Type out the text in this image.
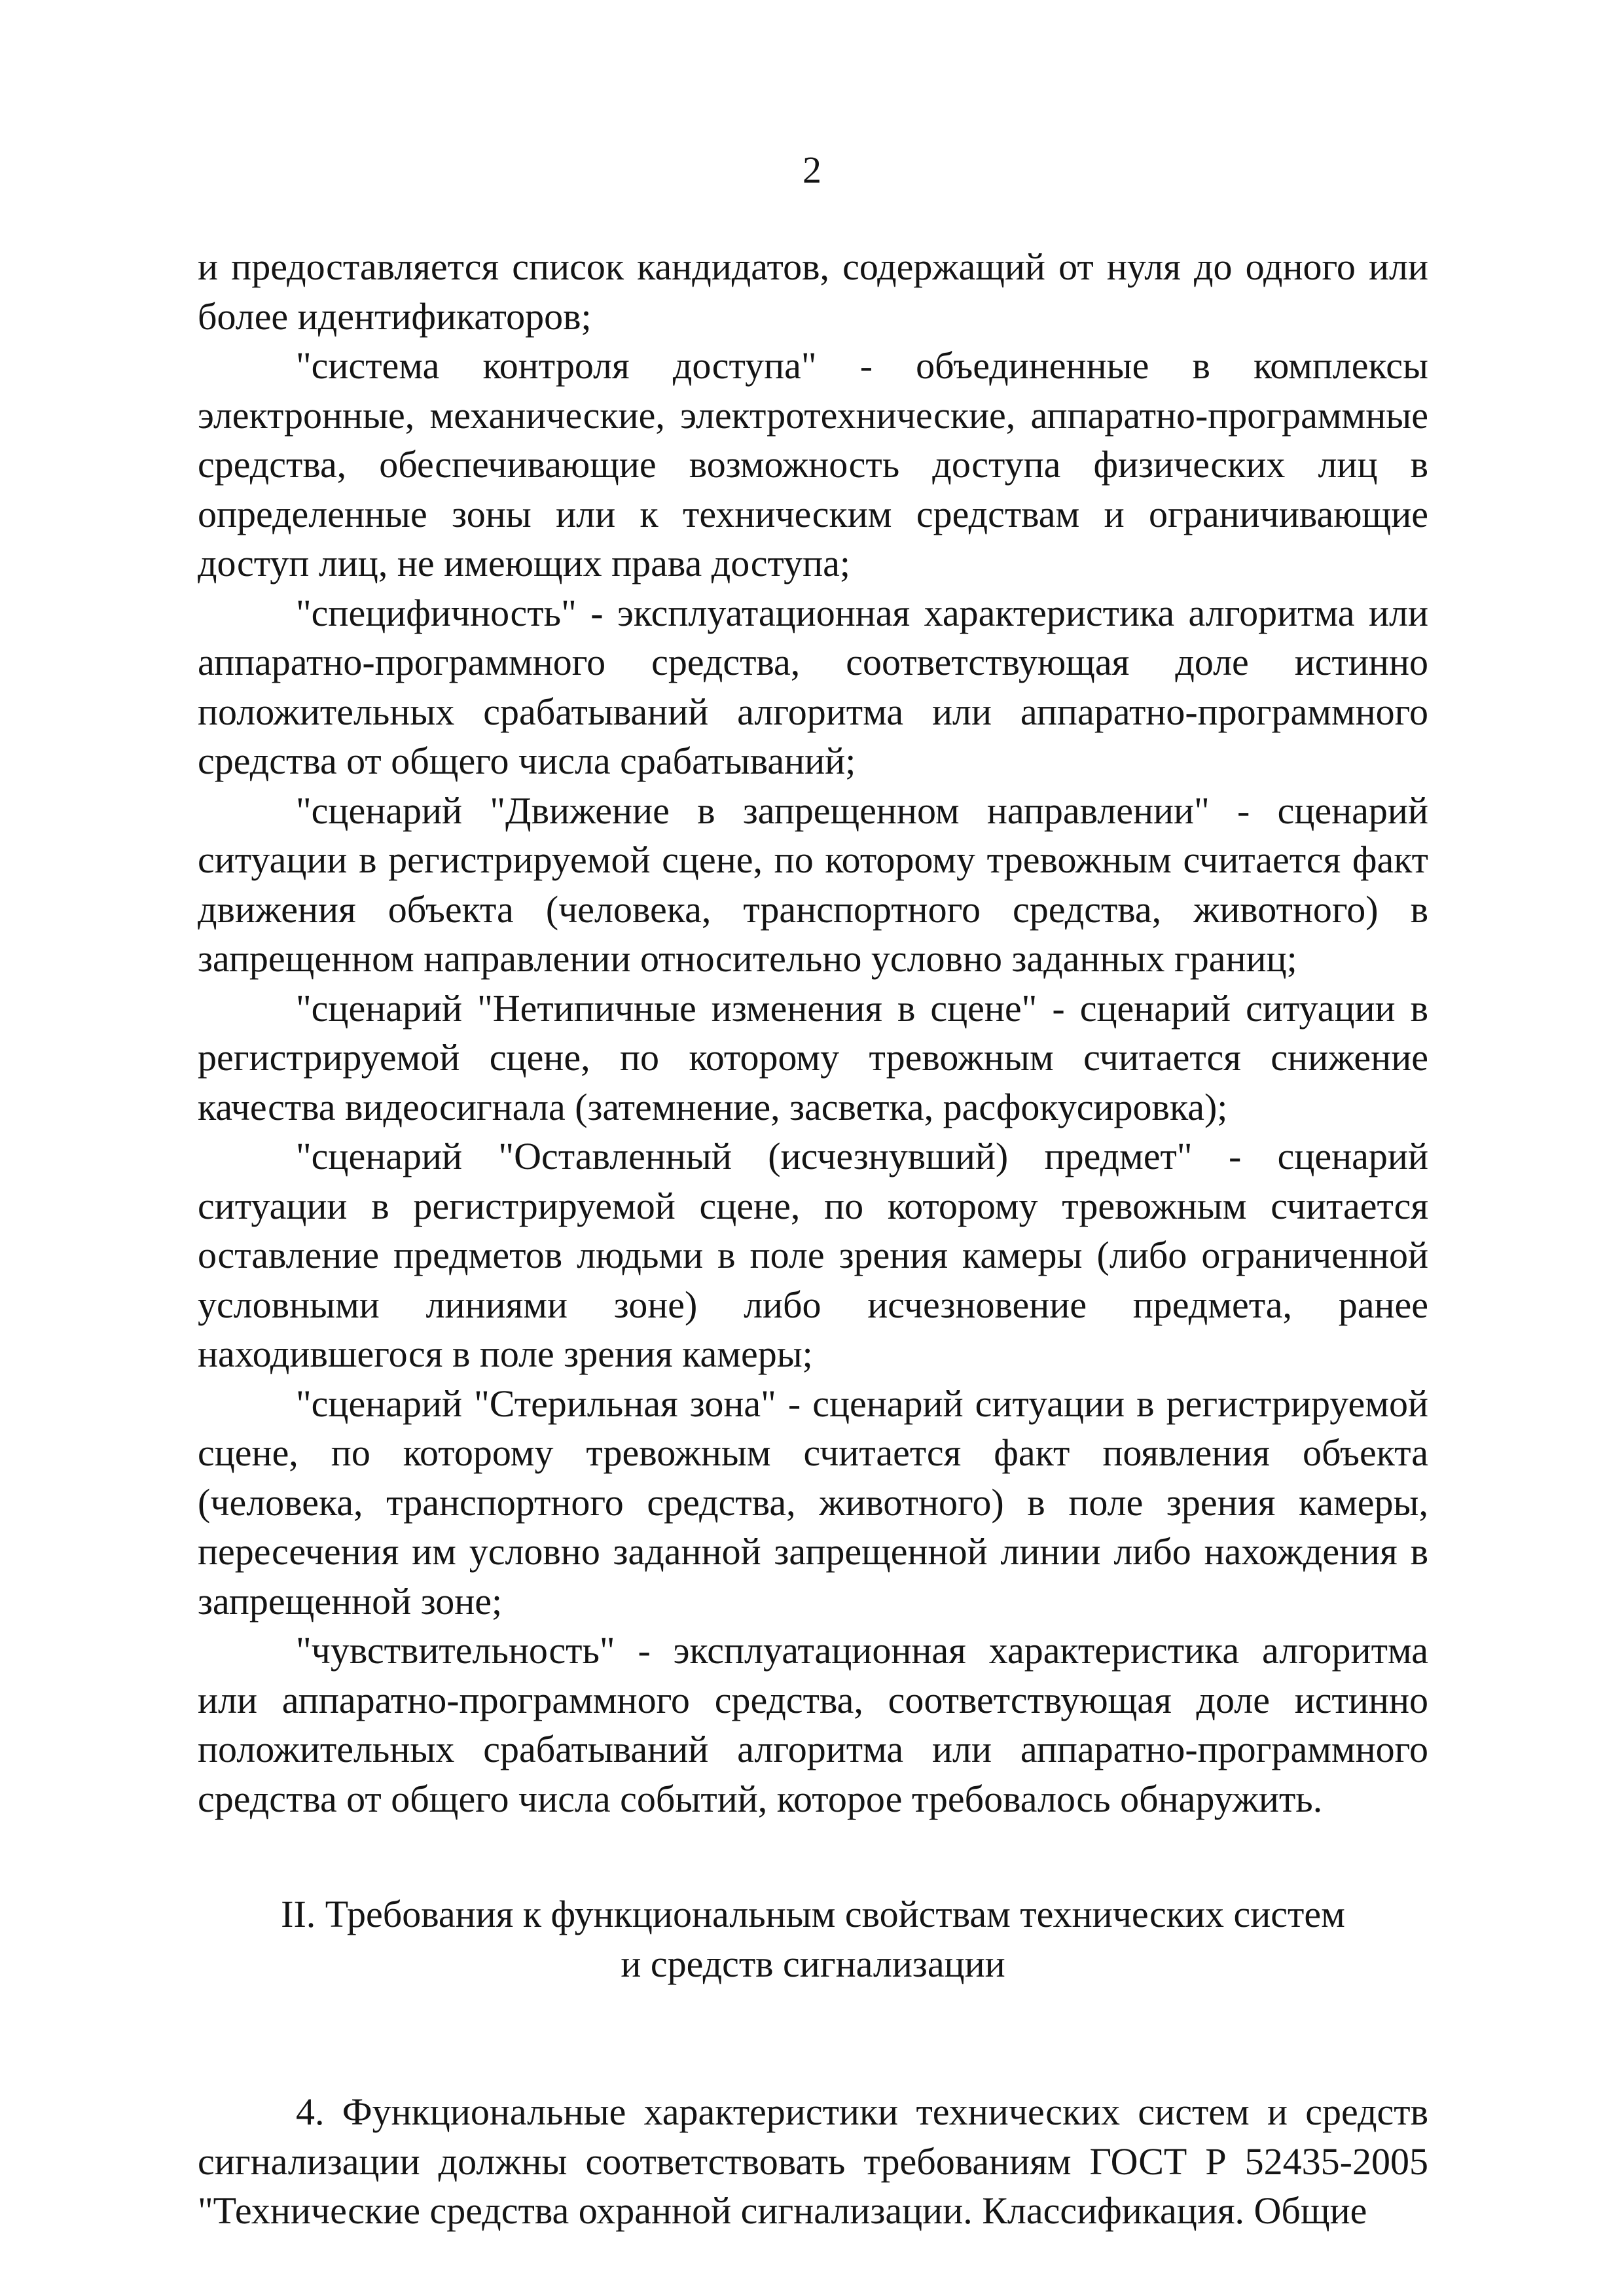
2

и предоставляется список кандидатов, содержащий от нуля до одного или более идентификаторов;

"система контроля доступа" - объединенные в комплексы электронные, механические, электротехнические, аппаратно-программные средства, обеспечивающие возможность доступа физических лиц в определенные зоны или к техническим средствам и ограничивающие доступ лиц, не имеющих права доступа;

"специфичность" - эксплуатационная характеристика алгоритма или аппаратно-программного средства, соответствующая доле истинно положительных срабатываний алгоритма или аппаратно-программного средства от общего числа срабатываний;

"сценарий "Движение в запрещенном направлении" - сценарий ситуации в регистрируемой сцене, по которому тревожным считается факт движения объекта (человека, транспортного средства, животного) в запрещенном направлении относительно условно заданных границ;

"сценарий "Нетипичные изменения в сцене" - сценарий ситуации в регистрируемой сцене, по которому тревожным считается снижение качества видеосигнала (затемнение, засветка, расфокусировка);

"сценарий "Оставленный (исчезнувший) предмет" - сценарий ситуации в регистрируемой сцене, по которому тревожным считается оставление предметов людьми в поле зрения камеры (либо ограниченной условными линиями зоне) либо исчезновение предмета, ранее находившегося в поле зрения камеры;

"сценарий "Стерильная зона" - сценарий ситуации в регистрируемой сцене, по которому тревожным считается факт появления объекта (человека, транспортного средства, животного) в поле зрения камеры, пересечения им условно заданной запрещенной линии либо нахождения в запрещенной зоне;

"чувствительность" - эксплуатационная характеристика алгоритма или аппаратно-программного средства, соответствующая доле истинно положительных срабатываний алгоритма или аппаратно-программного средства от общего числа событий, которое требовалось обнаружить.

II. Требования к функциональным свойствам технических систем
и средств сигнализации

4. Функциональные характеристики технических систем и средств сигнализации должны соответствовать требованиям ГОСТ Р 52435-2005 "Технические средства охранной сигнализации. Классификация. Общие
